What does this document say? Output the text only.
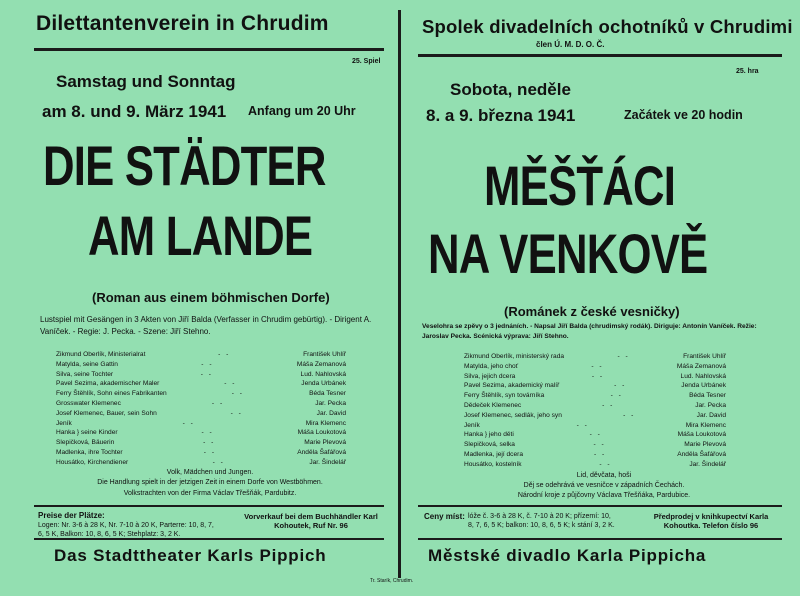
Dilettantenverein in Chrudim
25. Spiel
Samstag und Sonntag
am 8. und 9. März 1941 Anfang um 20 Uhr
DIE STÄDTER
AM LANDE
(Roman aus einem böhmischen Dorfe)
Lustspiel mit Gesängen in 3 Akten von Jiří Balda (Verfasser in Chrudim gebürtig). - Dirigent A. Vaníček. - Regie: J. Pecka. - Szene: Jiří Stehno.
Zikmund Oberlík, Ministerialrat	- -	František Uhlíř
Matylda, seine Gattin	- -	Máša Zemanová
Silva, seine Tochter	- -	Lud. Nahlovská
Pavel Sezima, akademischer Maler	- -	Jenda Urbánek
Ferry Štěhlík, Sohn eines Fabrikanten	- -	Béda Tesner
Grosswater Klemenec	- -	Jar. Pecka
Josef Klemenec, Bauer, sein Sohn	- -	Jar. David
Jeník	- -	Mira Klemenc
Hanka } seine Kinder	- -	Máša Loukotová
Slepičková, Bäuerin	- -	Marie Plevová
Madlenka, ihre Tochter	- -	Anděla Šafářová
Housátko, Kirchendiener	- -	Jar. Šindelář
Volk, Mädchen und Jungen.
Die Handlung spielt in der jetzigen Zeit in einem Dorfe von Westböhmen.
Volkstrachten von der Firma Václav Třešňák, Pardubitz.
Preise der Plätze:
Logen: Nr. 3-6 à 28 K, Nr. 7-10 à 20 K, Parterre: 10, 8, 7, 6, 5 K, Balkon: 10, 8, 6, 5 K; Stehplatz: 3, 2 K.
Vorverkauf bei dem Buchhändler Karl Kohoutek, Ruf Nr. 96
Das Stadttheater Karls Pippich
Spolek divadelních ochotníků v Chrudimi
člen Ú. M. D. O. Č.
25. hra
Sobota, neděle
8. a 9. března 1941	Začátek ve 20 hodin
MĚŠŤÁCI
NA VENKOVĚ
(Románek z české vesničky)
Veselohra se zpěvy o 3 jednáních. - Napsal Jiří Balda (chrudimský rodák). Diriguje: Antonín Vaníček. Režie: Jaroslav Pecka. Scénická výprava: Jiří Stehno.
Zikmund Oberlík, ministerský rada	- -	František Uhlíř
Matylda, jeho choť	- -	Máša Zemanová
Silva, jejich dcera	- -	Lud. Nahlovská
Pavel Sezima, akademický malíř	- -	Jenda Urbánek
Ferry Štěhlík, syn továrníka	- -	Béda Tesner
Dědeček Klemenec	- -	Jar. Pecka
Josef Klemenec, sedlák, jeho syn	- -	Jar. David
Jeník	- -	Mira Klemenc
Hanka } jeho děti	- -	Máša Loukotová
Slepičková, selka	- -	Marie Plevová
Madlenka, její dcera	- -	Anděla Šafářová
Housátko, kostelník	- -	Jar. Šindelář
Lid, děvčata, hoši
Děj se odehrává ve vesničce v západních Čechách.
Národní kroje z půjčovny Václava Třešňáka, Pardubice.
Ceny míst: lóže č. 3-6 à 28 K, č. 7-10 à 20 K; přízemí: 10, 8, 7, 6, 5 K; balkon: 10, 8, 6, 5 K; k stání 3, 2 K.
Předprodej v knihkupectví Karla Kohoutka. Telefon číslo 96
Městské divadlo Karla Pippicha
Tr. Starík, Chrudim.
